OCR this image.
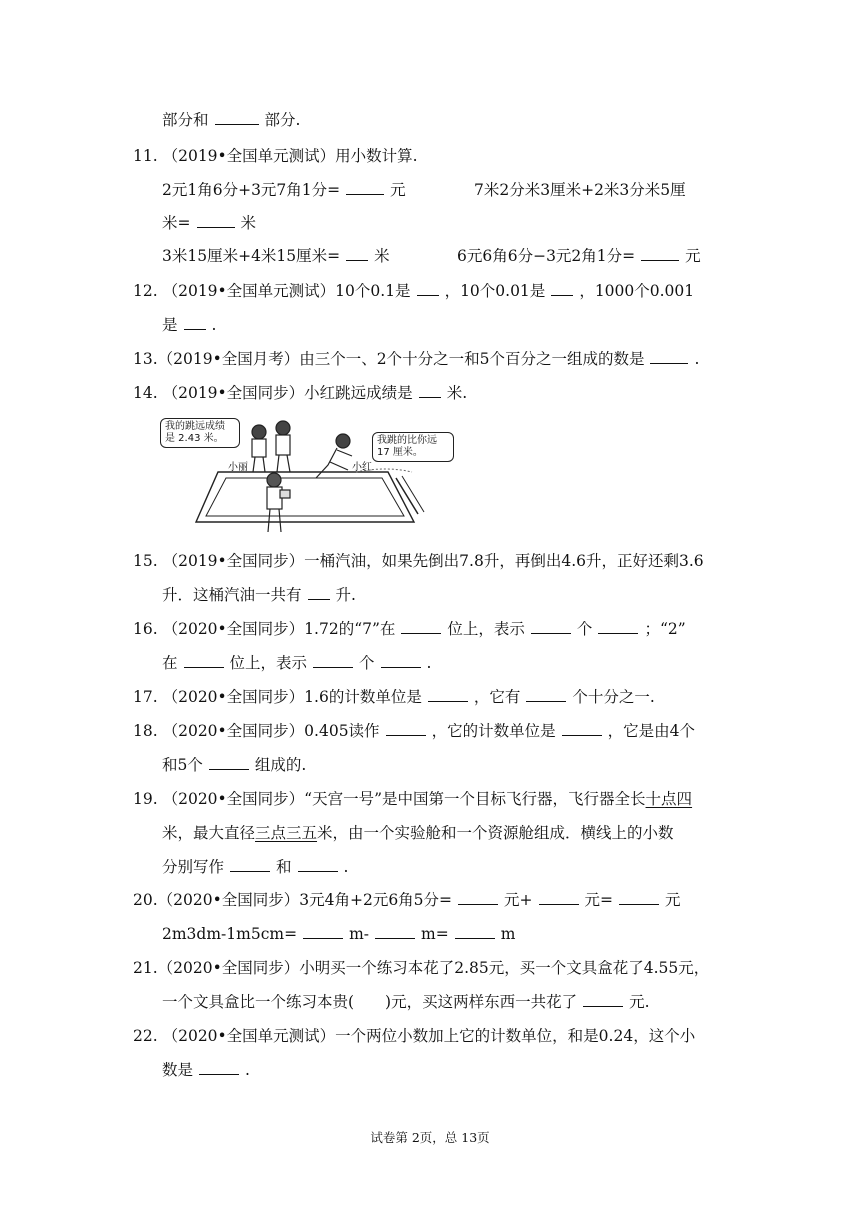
部分和	部分.
11. （2019•全国单元测试）用小数计算.
2元1角6分+3元7角1分=	元	7米2分米3厘米+2米3分米5厘
米=	米
3米15厘米+4米15厘米= 米	6元6角6分−3元2角1分=	元
12. （2019•全国单元测试）10个0.1是 ，10个0.01是 ，1000个0.001
是 .
13.（2019•全国月考）由三个一、2个十分之一和5个百分之一组成的数是	.
14. （2019•全国同步）小红跳远成绩是 米.
我的跳远成绩
是 2.43 米。	我跳的比你远
17 厘米。
小丽	小红
15. （2019•全国同步）一桶汽油，如果先倒出7.8升，再倒出4.6升，正好还剩3.6
升．这桶汽油一共有 升.
16. （2020•全国同步）1.72的“7”在	位上，表示	个	；“2”
在	位上，表示	个	.
17. （2020•全国同步）1.6的计数单位是	，它有	个十分之一.
18. （2020•全国同步）0.405读作	，它的计数单位是	，它是由4个
和5个	组成的.
19. （2020•全国同步）“天宫一号”是中国第一个目标飞行器，飞行器全长十点四
米，最大直径三点三五米，由一个实验舱和一个资源舱组成．横线上的小数
分别写作	和	.
20.（2020•全国同步）3元4角+2元6角5分=	元+	元=	元
2m3dm-1m5cm=	m-	m=	m
21.（2020•全国同步）小明买一个练习本花了2.85元，买一个文具盒花了4.55元，
一个文具盒比一个练习本贵(　　)元，买这两样东西一共花了	元.
22. （2020•全国单元测试）一个两位小数加上它的计数单位，和是0.24，这个小
数是	.
试卷第 2页，总 13页
